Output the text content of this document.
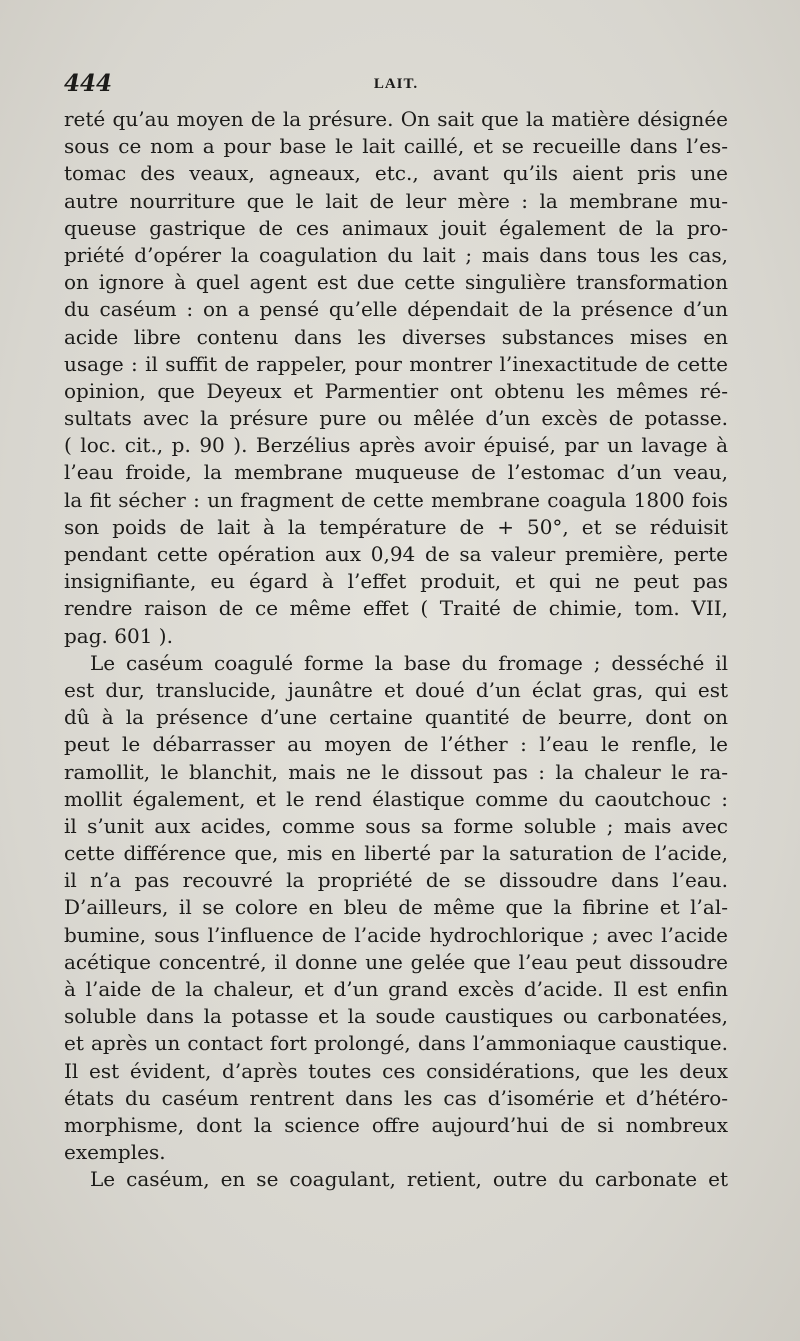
444	LAIT.
reté qu’au moyen de la présure. On sait que la matière désignée
sous ce nom a pour base le lait caillé, et se recueille dans l’es-
tomac des veaux, agneaux, etc., avant qu’ils aient pris une
autre nourriture que le lait de leur mère : la membrane mu-
queuse gastrique de ces animaux jouit également de la pro-
priété d’opérer la coagulation du lait ; mais dans tous les cas,
on ignore à quel agent est due cette singulière transformation
du caséum : on a pensé qu’elle dépendait de la présence d’un
acide libre contenu dans les diverses substances mises en
usage : il suffit de rappeler, pour montrer l’inexactitude de cette
opinion, que Deyeux et Parmentier ont obtenu les mêmes ré-
sultats avec la présure pure ou mêlée d’un excès de potasse.
( loc. cit., p. 90 ). Berzélius après avoir épuisé, par un lavage à
l’eau froide, la membrane muqueuse de l’estomac d’un veau,
la fit sécher : un fragment de cette membrane coagula 1800 fois
son poids de lait à la température de + 50°, et se réduisit
pendant cette opération aux 0,94 de sa valeur première, perte
insignifiante, eu égard à l’effet produit, et qui ne peut pas
rendre raison de ce même effet ( Traité de chimie, tom. VII,
pag. 601 ).
Le caséum coagulé forme la base du fromage ; desséché il
est dur, translucide, jaunâtre et doué d’un éclat gras, qui est
dû à la présence d’une certaine quantité de beurre, dont on
peut le débarrasser au moyen de l’éther : l’eau le renfle, le
ramollit, le blanchit, mais ne le dissout pas : la chaleur le ra-
mollit également, et le rend élastique comme du caoutchouc :
il s’unit aux acides, comme sous sa forme soluble ; mais avec
cette différence que, mis en liberté par la saturation de l’acide,
il n’a pas recouvré la propriété de se dissoudre dans l’eau.
D’ailleurs, il se colore en bleu de même que la fibrine et l’al-
bumine, sous l’influence de l’acide hydrochlorique ; avec l’acide
acétique concentré, il donne une gelée que l’eau peut dissoudre
à l’aide de la chaleur, et d’un grand excès d’acide. Il est enfin
soluble dans la potasse et la soude caustiques ou carbonatées,
et après un contact fort prolongé, dans l’ammoniaque caustique.
Il est évident, d’après toutes ces considérations, que les deux
états du caséum rentrent dans les cas d’isomérie et d’hétéro-
morphisme, dont la science offre aujourd’hui de si nombreux
exemples.
Le caséum, en se coagulant, retient, outre du carbonate et
